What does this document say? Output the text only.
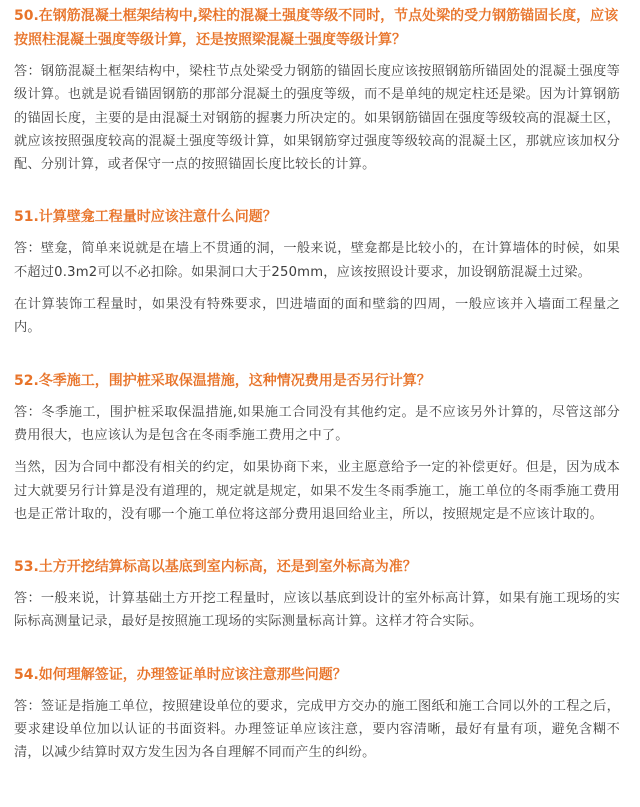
50.在钢筋混凝土框架结构中,梁柱的混凝土强度等级不同时，节点处梁的受力钢筋锚固长度，应该按照柱混凝土强度等级计算，还是按照梁混凝土强度等级计算？

答：钢筋混凝土框架结构中，梁柱节点处梁受力钢筋的锚固长度应该按照钢筋所锚固处的混凝土强度等级计算。也就是说看锚固钢筋的那部分混凝土的强度等级，而不是单纯的规定柱还是梁。因为计算钢筋的锚固长度，主要的是由混凝土对钢筋的握裹力所决定的。如果钢筋锚固在强度等级较高的混凝土区，就应该按照强度较高的混凝土强度等级计算，如果钢筋穿过强度等级较高的混凝土区，那就应该加权分配、分别计算，或者保守一点的按照锚固长度比较长的计算。

51.计算壁龛工程量时应该注意什么问题？

答：壁龛，简单来说就是在墙上不贯通的洞，一般来说，壁龛都是比较小的，在计算墙体的时候，如果不超过0.3m2可以不必扣除。如果洞口大于250mm，应该按照设计要求，加设钢筋混凝土过梁。

在计算装饰工程量时，如果没有特殊要求，凹进墙面的面和壁翁的四周，一般应该并入墙面工程量之内。

52.冬季施工，围护桩采取保温措施，这种情况费用是否另行计算？

答：冬季施工，围护桩采取保温措施,如果施工合同没有其他约定。是不应该另外计算的，尽管这部分费用很大，也应该认为是包含在冬雨季施工费用之中了。

当然，因为合同中都没有相关的约定，如果协商下来，业主愿意给予一定的补偿更好。但是，因为成本过大就要另行计算是没有道理的，规定就是规定，如果不发生冬雨季施工，施工单位的冬雨季施工费用也是正常计取的，没有哪一个施工单位将这部分费用退回给业主，所以，按照规定是不应该计取的。

53.土方开挖结算标高以基底到室内标高，还是到室外标高为准？

答：一般来说，计算基础土方开挖工程量时，应该以基底到设计的室外标高计算，如果有施工现场的实际标高测量记录，最好是按照施工现场的实际测量标高计算。这样才符合实际。

54.如何理解签证，办理签证单时应该注意那些问题？

答：签证是指施工单位，按照建设单位的要求，完成甲方交办的施工图纸和施工合同以外的工程之后，要求建设单位加以认证的书面资料。办理签证单应该注意，要内容清晰，最好有量有项，避免含糊不清，以减少结算时双方发生因为各自理解不同而产生的纠纷。
